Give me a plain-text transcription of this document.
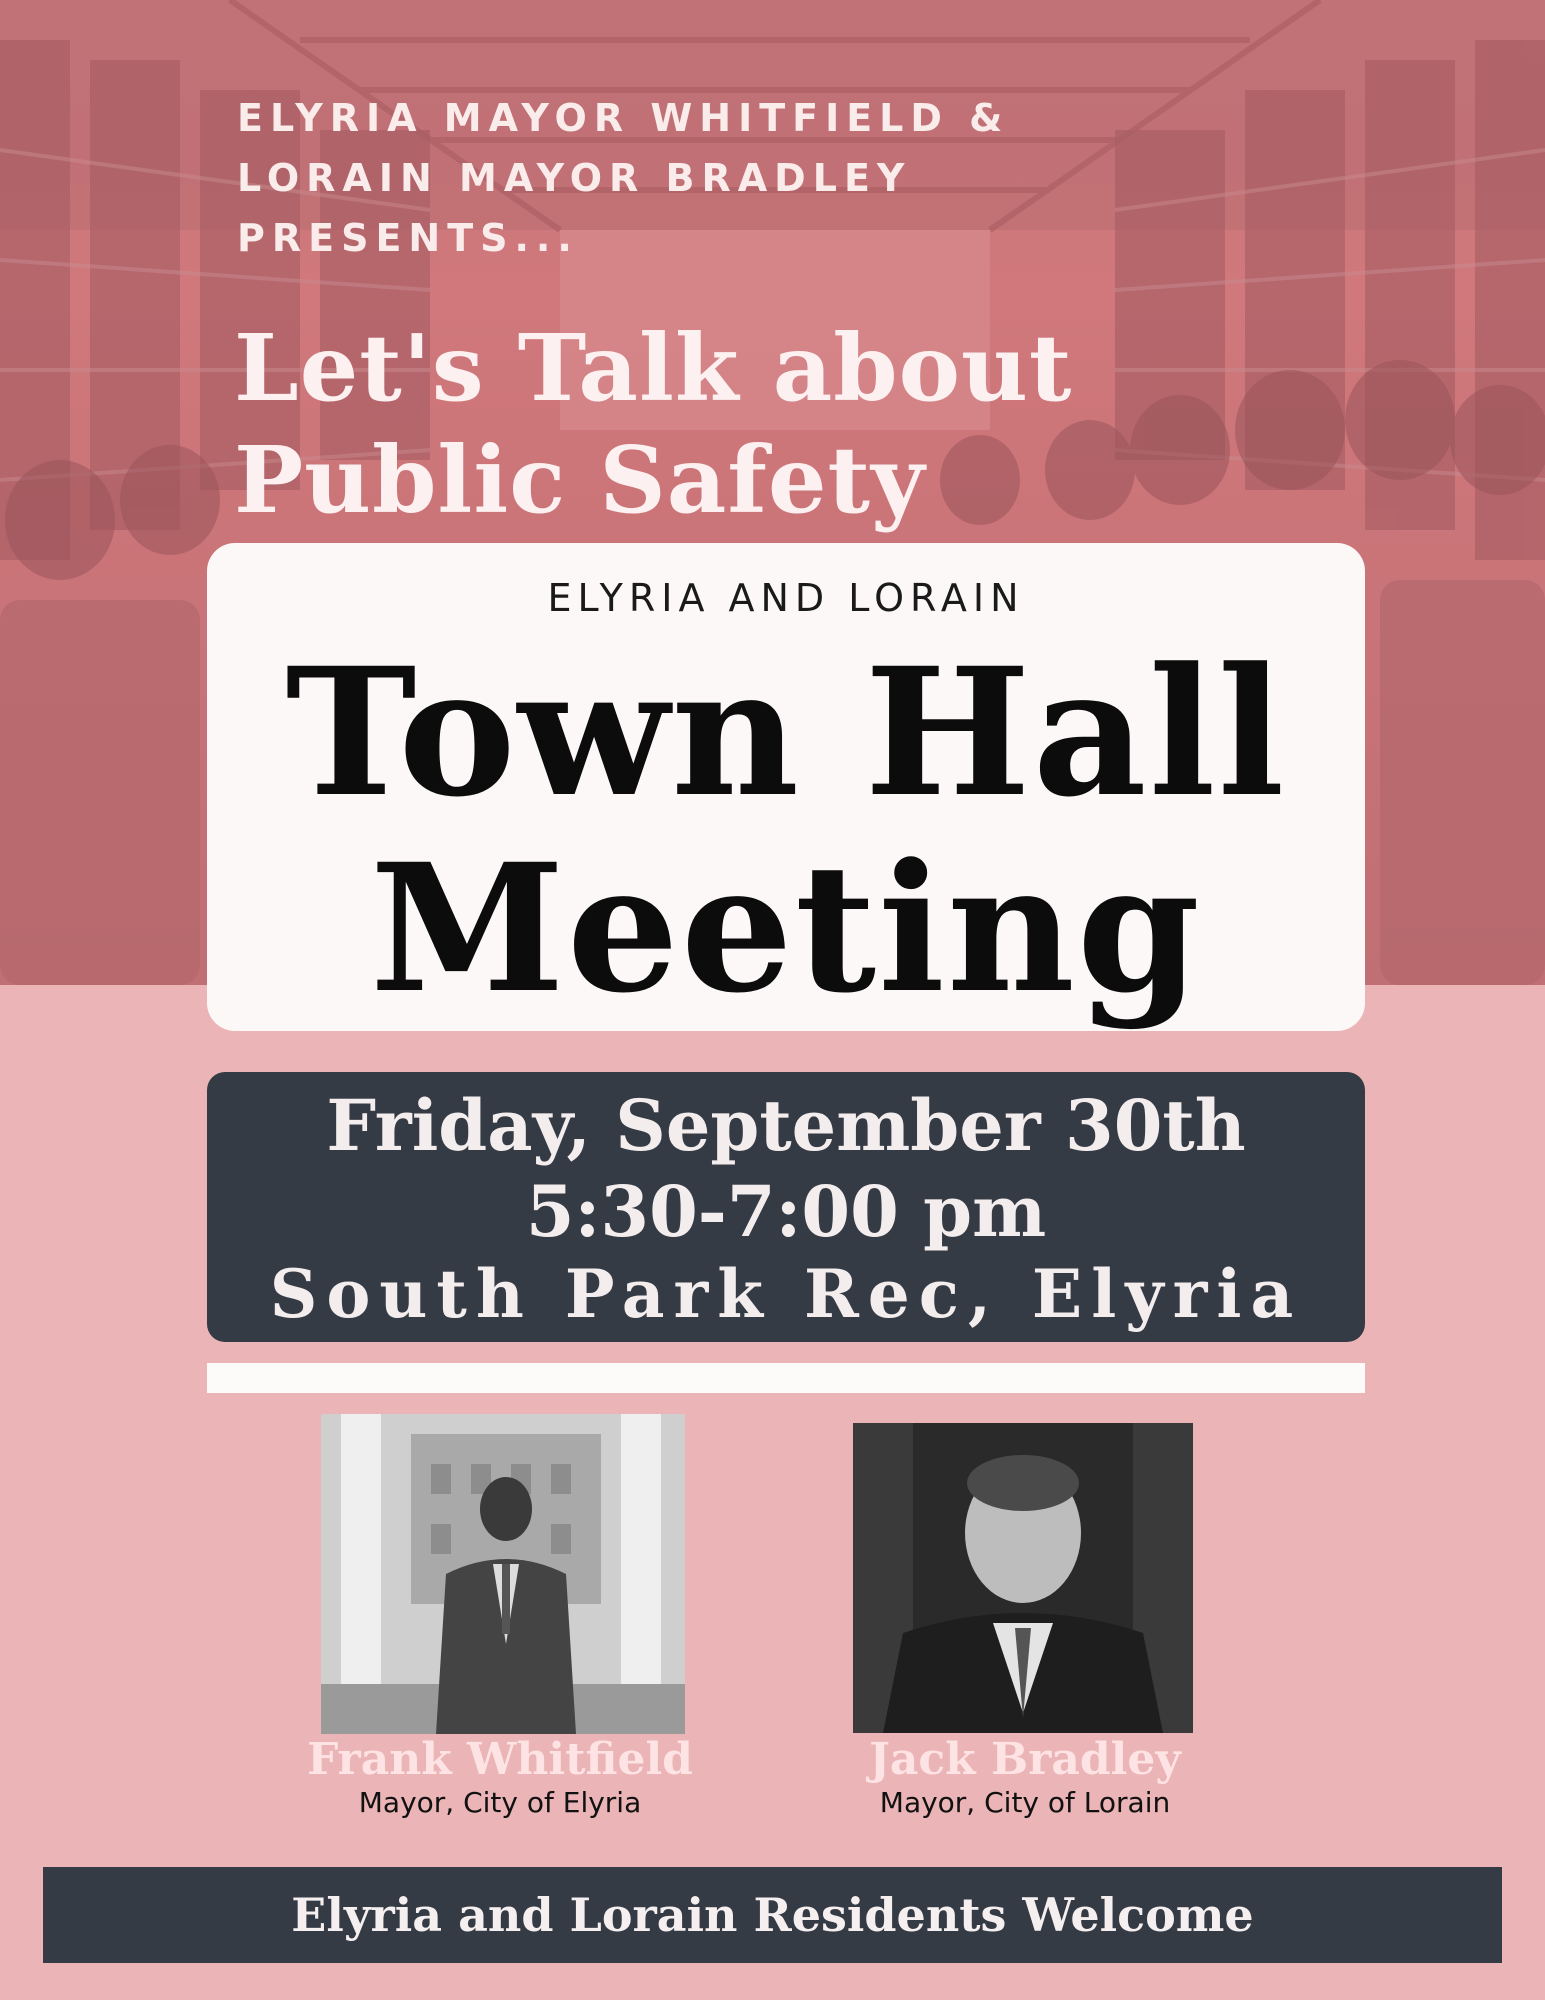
ELYRIA MAYOR WHITFIELD &
LORAIN MAYOR BRADLEY
PRESENTS...
Let's Talk about
Public Safety
ELYRIA AND LORAIN
Town Hall
Meeting
Friday, September 30th
5:30-7:00 pm
South Park Rec, Elyria
Frank Whitfield
Mayor, City of Elyria
Jack Bradley
Mayor, City of Lorain
Elyria and Lorain Residents Welcome
